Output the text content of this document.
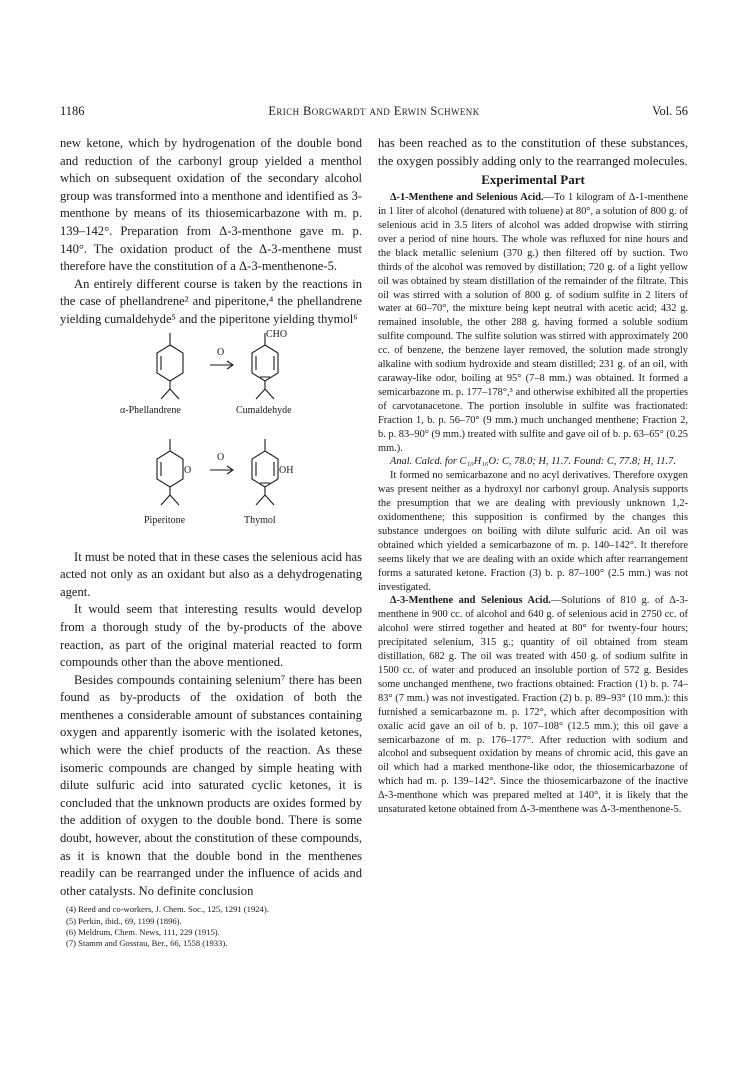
1186	Erich Borgwardt and Erwin Schwenk	Vol. 56

new ketone, which by hydrogenation of the double bond and reduction of the carbonyl group yielded a menthol which on subsequent oxidation of the secondary alcohol group was transformed into a menthone and identified as 3-menthone by means of its thiosemicarbazone with m. p. 139–142°. Preparation from Δ-3-menthone gave m. p. 140°. The oxidation product of the Δ-3-menthene must therefore have the constitution of a Δ-3-menthenone-5.

An entirely different course is taken by the reactions in the case of phellandrene² and piperitone,⁴ the phellandrene yielding cumaldehyde⁵ and the piperitone yielding thymol⁶

CHO
O
α-Phellandrene	Cumaldehyde
O
O
OH
Piperitone	Thymol

It must be noted that in these cases the selenious acid has acted not only as an oxidant but also as a dehydrogenating agent.

It would seem that interesting results would develop from a thorough study of the by-products of the above reaction, as part of the original material reacted to form compounds other than the above mentioned.

Besides compounds containing selenium⁷ there has been found as by-products of the oxidation of both the menthenes a considerable amount of substances containing oxygen and apparently isomeric with the isolated ketones, which were the chief products of the reaction. As these isomeric compounds are changed by simple heating with dilute sulfuric acid into saturated cyclic ketones, it is concluded that the unknown products are oxides formed by the addition of oxygen to the double bond. There is some doubt, however, about the constitution of these compounds, as it is known that the double bond in the menthenes readily can be rearranged under the influence of acids and other catalysts. No definite conclusion

(4) Reed and co-workers, J. Chem. Soc., 125, 1291 (1924).

(5) Perkin, ibid., 69, 1199 (1896).

(6) Meldrum, Chem. News, 111, 229 (1915).

(7) Stamm and Gossrau, Ber., 66, 1558 (1933).

has been reached as to the constitution of these substances, the oxygen possibly adding only to the rearranged molecules.

Experimental Part

Δ-1-Menthene and Selenious Acid.—To 1 kilogram of Δ-1-menthene in 1 liter of alcohol (denatured with toluene) at 80°, a solution of 800 g. of selenious acid in 3.5 liters of alcohol was added dropwise with stirring over a period of nine hours. The whole was refluxed for nine hours and the black metallic selenium (370 g.) then filtered off by suction. Two thirds of the alcohol was removed by distillation; 720 g. of a light yellow oil was obtained by steam distillation of the remainder of the filtrate. This oil was stirred with a solution of 800 g. of sodium sulfite in 2 liters of water at 60–70°, the mixture being kept neutral with acetic acid; 432 g. remained insoluble, the other 288 g. having formed a soluble sodium sulfite compound. The sulfite solution was stirred with approximately 200 cc. of benzene, the benzene layer removed, the solution made strongly alkaline with sodium hydroxide and steam distilled; 231 g. of an oil, with caraway-like odor, boiling at 95° (7–8 mm.) was obtained. It formed a semicarbazone m. p. 177–178°,³ and otherwise exhibited all the properties of carvotanacetone. The portion insoluble in sulfite was fractionated: Fraction 1, b. p. 56–70° (9 mm.) much unchanged menthene; Fraction 2, b. p. 83–90° (9 mm.) treated with sulfite and gave oil of b. p. 63–65° (0.25 mm.).

Anal. Calcd. for C₁₀H₁₆O: C, 78.0; H, 11.7. Found: C, 77.8; H, 11.7.

It formed no semicarbazone and no acyl derivatives. Therefore oxygen was present neither as a hydroxyl nor carbonyl group. Analysis supports the presumption that we are dealing with previously unknown 1,2-oxidomenthene; this supposition is confirmed by the changes this substance undergoes on boiling with dilute sulfuric acid. An oil was obtained which yielded a semicarbazone of m. p. 140–142°. It therefore seems likely that we are dealing with an oxide which after rearrangement forms a saturated ketone. Fraction (3) b. p. 87–100° (2.5 mm.) was not investigated.

Δ-3-Menthene and Selenious Acid.—Solutions of 810 g. of Δ-3-menthene in 900 cc. of alcohol and 640 g. of selenious acid in 2750 cc. of alcohol were stirred together and heated at 80° for twenty-four hours; precipitated selenium, 315 g.; quantity of oil obtained from steam distillation, 682 g. The oil was treated with 450 g. of sodium sulfite in 1500 cc. of water and produced an insoluble portion of 572 g. Besides some unchanged menthene, two fractions obtained: Fraction (1) b. p. 74–83° (7 mm.) was not investigated. Fraction (2) b. p. 89–93° (10 mm.): this furnished a semicarbazone m. p. 172°, which after decomposition with oxalic acid gave an oil of b. p. 107–108° (12.5 mm.); this oil gave a semicarbazone of m. p. 176–177°. After reduction with sodium and alcohol and subsequent oxidation by means of chromic acid, this gave an oil which had a marked menthone-like odor, the thiosemicarbazone of which had m. p. 139–142°. Since the thiosemicarbazone of the inactive Δ-3-menthone which was prepared melted at 140°, it is likely that the unsaturated ketone obtained from Δ-3-menthene was Δ-3-menthenone-5.
